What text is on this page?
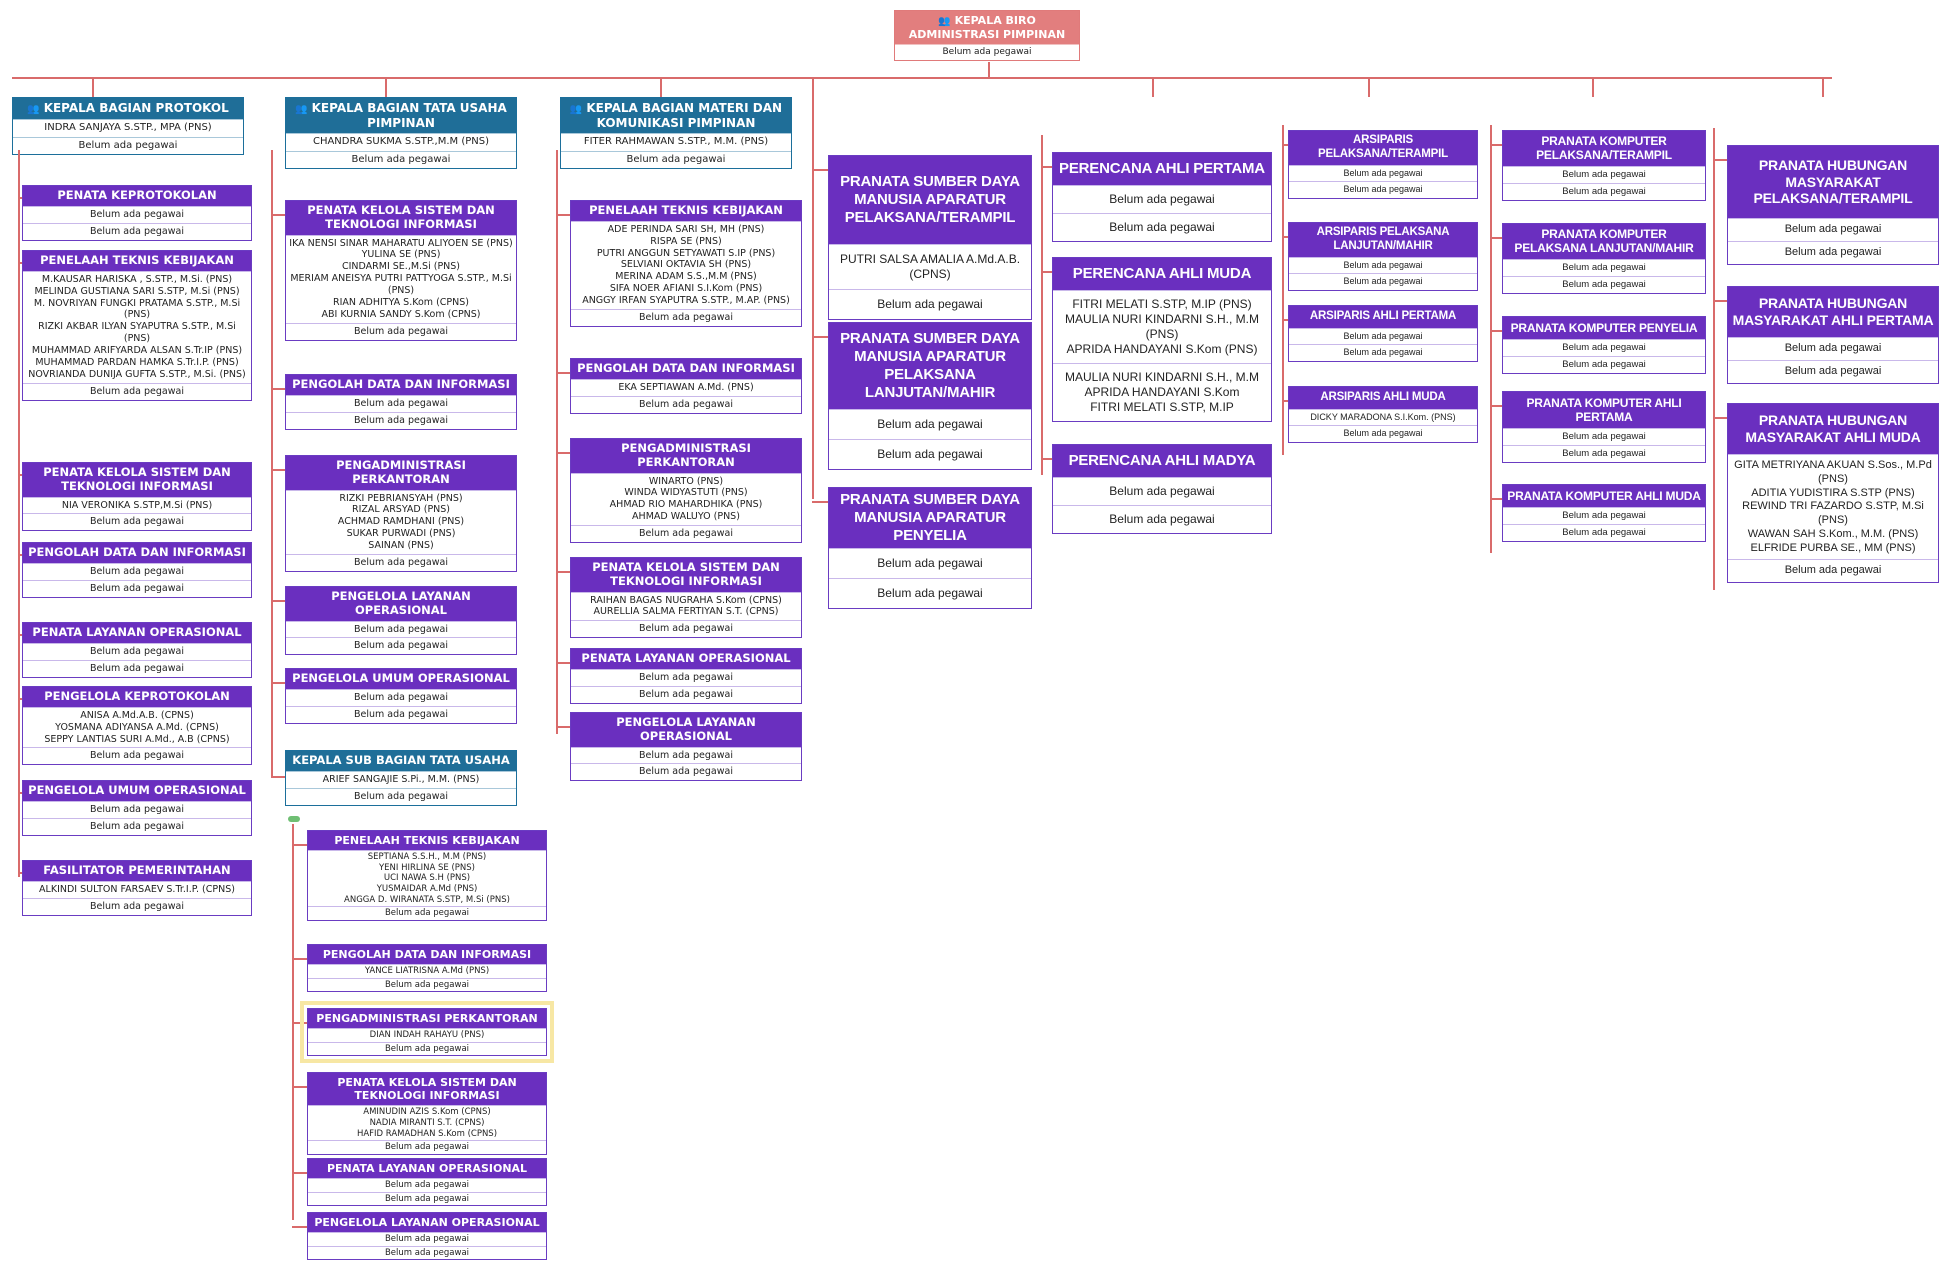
👥 KEPALA BIRO ADMINISTRASI PIMPINAN
Belum ada pegawai
👥 KEPALA BAGIAN PROTOKOL
INDRA SANJAYA S.STP., MPA (PNS)
Belum ada pegawai
PENATA KEPROTOKOLAN
Belum ada pegawai
Belum ada pegawai
PENELAAH TEKNIS KEBIJAKAN
M.KAUSAR HARISKA , S.STP., M.Si. (PNS)
MELINDA GUSTIANA SARI S.STP, M.Si (PNS)
M. NOVRIYAN FUNGKI PRATAMA S.STP., M.Si (PNS)
RIZKI AKBAR ILYAN SYAPUTRA S.STP., M.Si (PNS)
MUHAMMAD ARIFYARDA ALSAN S.Tr.IP (PNS)
MUHAMMAD PARDAN HAMKA S.Tr.I.P. (PNS)
NOVRIANDA DUNIJA GUFTA S.STP., M.Si. (PNS)
Belum ada pegawai
PENATA KELOLA SISTEM DAN TEKNOLOGI INFORMASI
NIA VERONIKA S.STP,M.Si (PNS)
Belum ada pegawai
PENGOLAH DATA DAN INFORMASI
Belum ada pegawai
Belum ada pegawai
PENATA LAYANAN OPERASIONAL
Belum ada pegawai
Belum ada pegawai
PENGELOLA KEPROTOKOLAN
ANISA A.Md.A.B. (CPNS)
YOSMANA ADIYANSA A.Md. (CPNS)
SEPPY LANTIAS SURI A.Md., A.B (CPNS)
Belum ada pegawai
PENGELOLA UMUM OPERASIONAL
Belum ada pegawai
Belum ada pegawai
FASILITATOR PEMERINTAHAN
ALKINDI SULTON FARSAEV S.Tr.I.P. (CPNS)
Belum ada pegawai
👥 KEPALA BAGIAN TATA USAHA PIMPINAN
CHANDRA SUKMA S.STP.,M.M (PNS)
Belum ada pegawai
PENATA KELOLA SISTEM DAN TEKNOLOGI INFORMASI
IKA NENSI SINAR MAHARATU ALIYOEN SE (PNS)
YULINA SE (PNS)
CINDARMI SE.,M.Si (PNS)
MERIAM ANEISYA PUTRI PATTYOGA S.STP., M.Si (PNS)
RIAN ADHITYA S.Kom (CPNS)
ABI KURNIA SANDY S.Kom (CPNS)
Belum ada pegawai
PENGOLAH DATA DAN INFORMASI
Belum ada pegawai
Belum ada pegawai
PENGADMINISTRASI PERKANTORAN
RIZKI PEBRIANSYAH (PNS)
RIZAL ARSYAD (PNS)
ACHMAD RAMDHANI (PNS)
SUKAR PURWADI (PNS)
SAINAN (PNS)
Belum ada pegawai
PENGELOLA LAYANAN OPERASIONAL
Belum ada pegawai
Belum ada pegawai
PENGELOLA UMUM OPERASIONAL
Belum ada pegawai
Belum ada pegawai
KEPALA SUB BAGIAN TATA USAHA
ARIEF SANGAJIE S.Pi., M.M. (PNS)
Belum ada pegawai
PENELAAH TEKNIS KEBIJAKAN
SEPTIANA S.S.H., M.M (PNS)
YENI HIRLINA SE (PNS)
UCI NAWA S.H (PNS)
YUSMAIDAR A.Md (PNS)
ANGGA D. WIRANATA S.STP, M.Si (PNS)
Belum ada pegawai
PENGOLAH DATA DAN INFORMASI
YANCE LIATRISNA A.Md (PNS)
Belum ada pegawai
PENGADMINISTRASI PERKANTORAN
DIAN INDAH RAHAYU (PNS)
Belum ada pegawai
PENATA KELOLA SISTEM DAN TEKNOLOGI INFORMASI
AMINUDIN AZIS S.Kom (CPNS)
NADIA MIRANTI S.T. (CPNS)
HAFID RAMADHAN S.Kom (CPNS)
Belum ada pegawai
PENATA LAYANAN OPERASIONAL
Belum ada pegawai
Belum ada pegawai
PENGELOLA LAYANAN OPERASIONAL
Belum ada pegawai
Belum ada pegawai
👥 KEPALA BAGIAN MATERI DAN KOMUNIKASI PIMPINAN
FITER RAHMAWAN S.STP., M.M. (PNS)
Belum ada pegawai
PENELAAH TEKNIS KEBIJAKAN
ADE PERINDA SARI SH, MH (PNS)
RISPA SE (PNS)
PUTRI ANGGUN SETYAWATI S.IP (PNS)
SELVIANI OKTAVIA SH (PNS)
MERINA ADAM S.S.,M.M (PNS)
SIFA NOER AFIANI S.I.Kom (PNS)
ANGGY IRFAN SYAPUTRA S.STP., M.AP. (PNS)
Belum ada pegawai
PENGOLAH DATA DAN INFORMASI
EKA SEPTIAWAN A.Md. (PNS)
Belum ada pegawai
PENGADMINISTRASI PERKANTORAN
WINARTO (PNS)
WINDA WIDYASTUTI (PNS)
AHMAD RIO MAHARDHIKA (PNS)
AHMAD WALUYO (PNS)
Belum ada pegawai
PENATA KELOLA SISTEM DAN TEKNOLOGI INFORMASI
RAIHAN BAGAS NUGRAHA S.Kom (CPNS)
AURELLIA SALMA FERTIYAN S.T. (CPNS)
Belum ada pegawai
PENATA LAYANAN OPERASIONAL
Belum ada pegawai
Belum ada pegawai
PENGELOLA LAYANAN OPERASIONAL
Belum ada pegawai
Belum ada pegawai
PRANATA SUMBER DAYA MANUSIA APARATUR PELAKSANA/TERAMPIL
PUTRI SALSA AMALIA A.Md.A.B. (CPNS)
Belum ada pegawai
PRANATA SUMBER DAYA MANUSIA APARATUR PELAKSANA LANJUTAN/MAHIR
Belum ada pegawai
Belum ada pegawai
PRANATA SUMBER DAYA MANUSIA APARATUR PENYELIA
Belum ada pegawai
Belum ada pegawai
PERENCANA AHLI PERTAMA
Belum ada pegawai
Belum ada pegawai
PERENCANA AHLI MUDA
FITRI MELATI S.STP, M.IP (PNS)
MAULIA NURI KINDARNI S.H., M.M (PNS)
APRIDA HANDAYANI S.Kom (PNS)
MAULIA NURI KINDARNI S.H., M.M
APRIDA HANDAYANI S.Kom
FITRI MELATI S.STP, M.IP
PERENCANA AHLI MADYA
Belum ada pegawai
Belum ada pegawai
ARSIPARIS PELAKSANA/TERAMPIL
Belum ada pegawai
Belum ada pegawai
ARSIPARIS PELAKSANA LANJUTAN/MAHIR
Belum ada pegawai
Belum ada pegawai
ARSIPARIS AHLI PERTAMA
Belum ada pegawai
Belum ada pegawai
ARSIPARIS AHLI MUDA
DICKY MARADONA S.I.Kom. (PNS)
Belum ada pegawai
PRANATA KOMPUTER PELAKSANA/TERAMPIL
Belum ada pegawai
Belum ada pegawai
PRANATA KOMPUTER PELAKSANA LANJUTAN/MAHIR
Belum ada pegawai
Belum ada pegawai
PRANATA KOMPUTER PENYELIA
Belum ada pegawai
Belum ada pegawai
PRANATA KOMPUTER AHLI PERTAMA
Belum ada pegawai
Belum ada pegawai
PRANATA KOMPUTER AHLI MUDA
Belum ada pegawai
Belum ada pegawai
PRANATA HUBUNGAN MASYARAKAT PELAKSANA/TERAMPIL
Belum ada pegawai
Belum ada pegawai
PRANATA HUBUNGAN MASYARAKAT AHLI PERTAMA
Belum ada pegawai
Belum ada pegawai
PRANATA HUBUNGAN MASYARAKAT AHLI MUDA
GITA METRIYANA AKUAN S.Sos., M.Pd (PNS)
ADITIA YUDISTIRA S.STP (PNS)
REWIND TRI FAZARDO S.STP, M.Si (PNS)
WAWAN SAH S.Kom., M.M. (PNS)
ELFRIDE PURBA SE., MM (PNS)
Belum ada pegawai
